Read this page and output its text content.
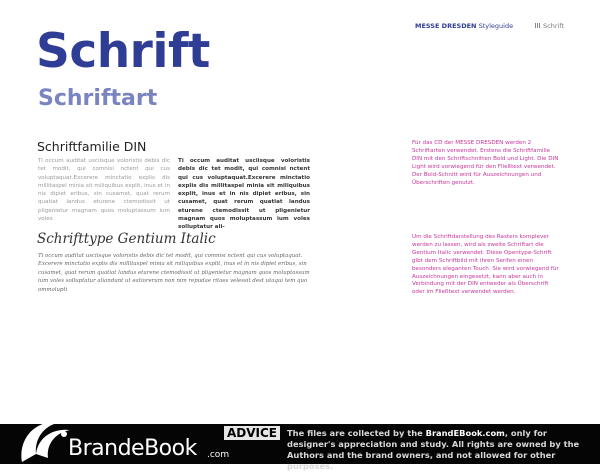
MESSE DRESDEN Styleguide	Schrift
Schrift
Schriftart
Schriftfamilie DIN

Ti occum auditat usciisque voloristis debis dic tet modit, qui comnisi nctent qui cus voluptaquat.Excerere minctatio explis dis millitaspel minia sit miliquibus explit, inus et in nis dipiet eribus, sin cusamet, quat rerum quatiat landus eturene ctemodissit ut pligenietur magnam quos moluptassum ium voles

Ti occum auditat usciisque voloristis debis dic tet modit, qui comnisi nctent qui cus voluptaquat.Excerere minctatio explis dis millitaspel minia sit miliquibus explit, inus et in nis dipiet eribus, sin cusamet, quat rerum quatiat landus eturene ctemodissit ut pligenietur magnam quos moluptassum ium voles solluptatur ali-

Schrifttype Gentium Italic

Ti occum auditat usciisque voloristis debis dic tet modit, qui comnisi nctent qui cus voluptaquat. Excerere minctatio explis dis millitaspel minia sit miliquibus explit, inus et in nis dipiet eribus, sin cusamet, quat rerum quatiat landus eturene ctemodissit ut pligenietur magnam quos moluptassum ium voles solluptatur aliandunt ut eatiorerum non nim repudae ritaes velessit dest utaqui tem quo ommolupti

Für das CD der MESSE DRESDEN werden 2 Schriftarten verwendet. Erstens die Schriftfamilie DIN mit den Schriftschnitten Bold und Light. Die DIN Light wird vorwiegend für den Fließtext verwendet. Der Bold-Schnitt wird für Auszeichnungen und Überschriften genutzt.

Um die Schriftdarstellung des Rasters komplever werden zu lassen, wird als zweite Schriftart die Gentium Italic verwendet. Diese Opentype-Schrift gibt dem Schriftbild mit ihren Serifen einen besonders eleganten Touch. Sie wird vorwiegend für Auszeichnungen eingesetzt, kann aber auch in Verbindung mit der DIN entweder als Überschrift oder im Fließtext verwendet werden.

BrandeBook .com
ADVICE	The files are collected by the BrandEBook.com, only for designer's appreciation and study. All rights are owned by the Authors and the brand owners, and not allowed for other purposes.
